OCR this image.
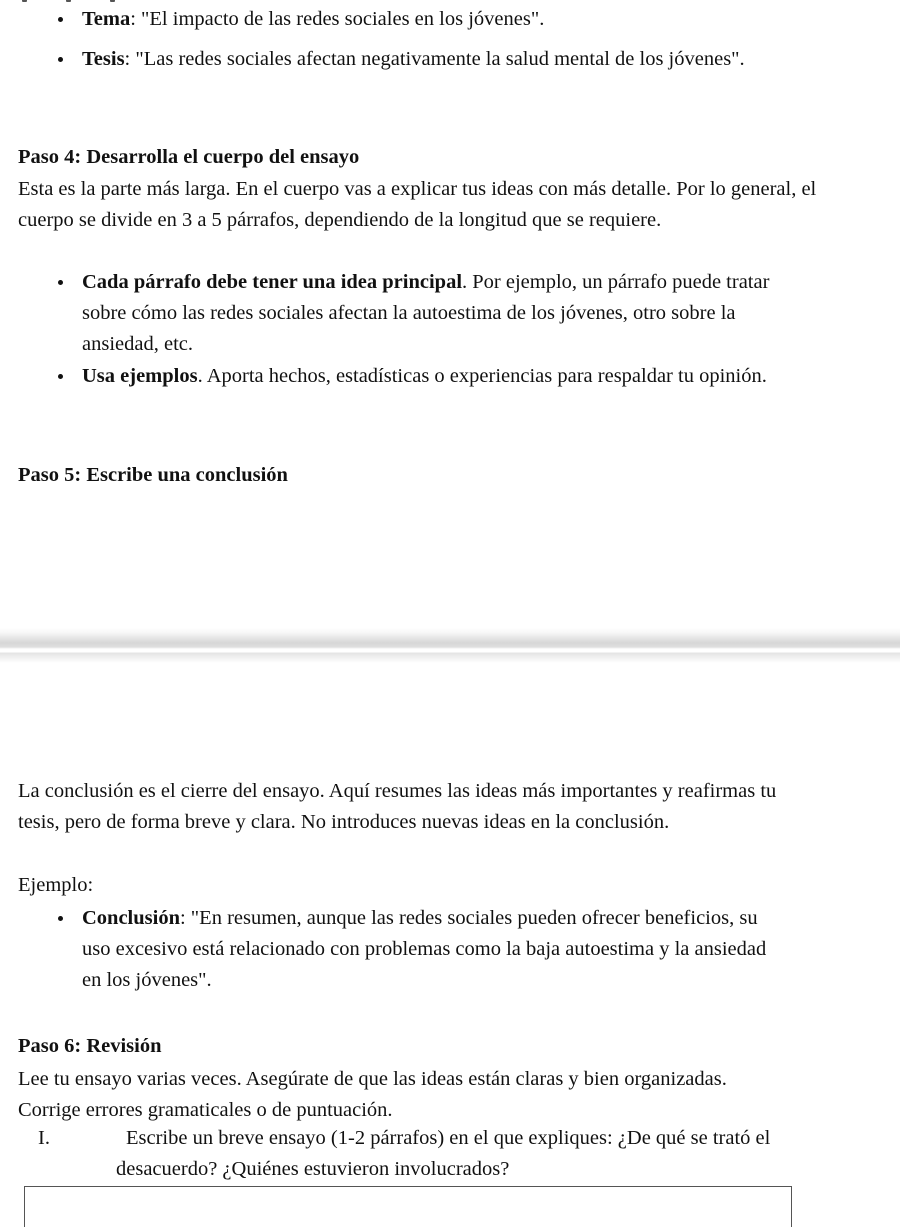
Tema: "El impacto de las redes sociales en los jóvenes".
Tesis: "Las redes sociales afectan negativamente la salud mental de los jóvenes".
Paso 4: Desarrolla el cuerpo del ensayo
Esta es la parte más larga. En el cuerpo vas a explicar tus ideas con más detalle. Por lo general, el cuerpo se divide en 3 a 5 párrafos, dependiendo de la longitud que se requiere.
Cada párrafo debe tener una idea principal. Por ejemplo, un párrafo puede tratar sobre cómo las redes sociales afectan la autoestima de los jóvenes, otro sobre la ansiedad, etc.
Usa ejemplos. Aporta hechos, estadísticas o experiencias para respaldar tu opinión.
Paso 5: Escribe una conclusión
La conclusión es el cierre del ensayo. Aquí resumes las ideas más importantes y reafirmas tu tesis, pero de forma breve y clara. No introduces nuevas ideas en la conclusión.
Ejemplo:
Conclusión: "En resumen, aunque las redes sociales pueden ofrecer beneficios, su uso excesivo está relacionado con problemas como la baja autoestima y la ansiedad en los jóvenes".
Paso 6: Revisión
Lee tu ensayo varias veces. Asegúrate de que las ideas están claras y bien organizadas. Corrige errores gramaticales o de puntuación.
I.	Escribe un breve ensayo (1-2 párrafos) en el que expliques: ¿De qué se trató el desacuerdo? ¿Quiénes estuvieron involucrados?
